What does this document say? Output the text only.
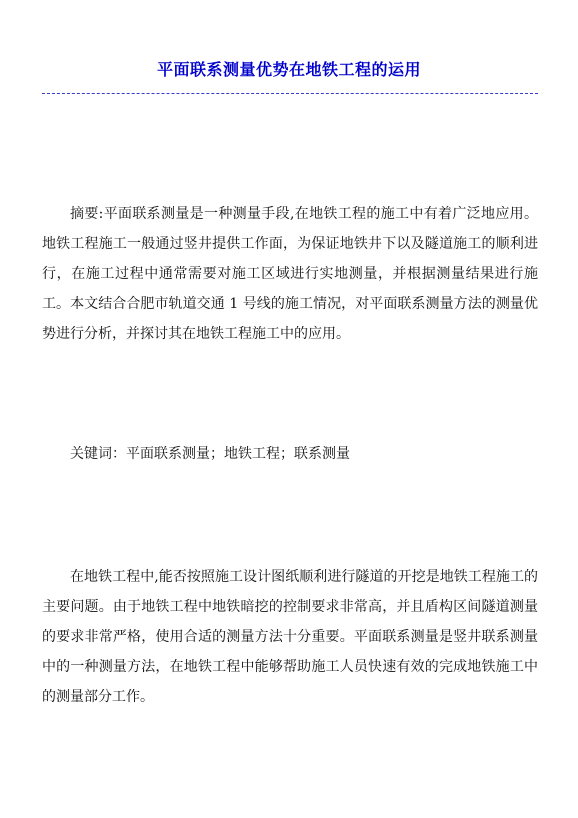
平面联系测量优势在地铁工程的运用

摘要:平面联系测量是一种测量手段,在地铁工程的施工中有着广泛地应用。地铁工程施工一般通过竖井提供工作面，为保证地铁井下以及隧道施工的顺利进行，在施工过程中通常需要对施工区域进行实地测量，并根据测量结果进行施工。本文结合合肥市轨道交通 1 号线的施工情况，对平面联系测量方法的测量优势进行分析，并探讨其在地铁工程施工中的应用。

关键词：平面联系测量；地铁工程；联系测量

在地铁工程中,能否按照施工设计图纸顺利进行隧道的开挖是地铁工程施工的主要问题。由于地铁工程中地铁暗挖的控制要求非常高，并且盾构区间隧道测量的要求非常严格，使用合适的测量方法十分重要。平面联系测量是竖井联系测量中的一种测量方法，在地铁工程中能够帮助施工人员快速有效的完成地铁施工中的测量部分工作。
